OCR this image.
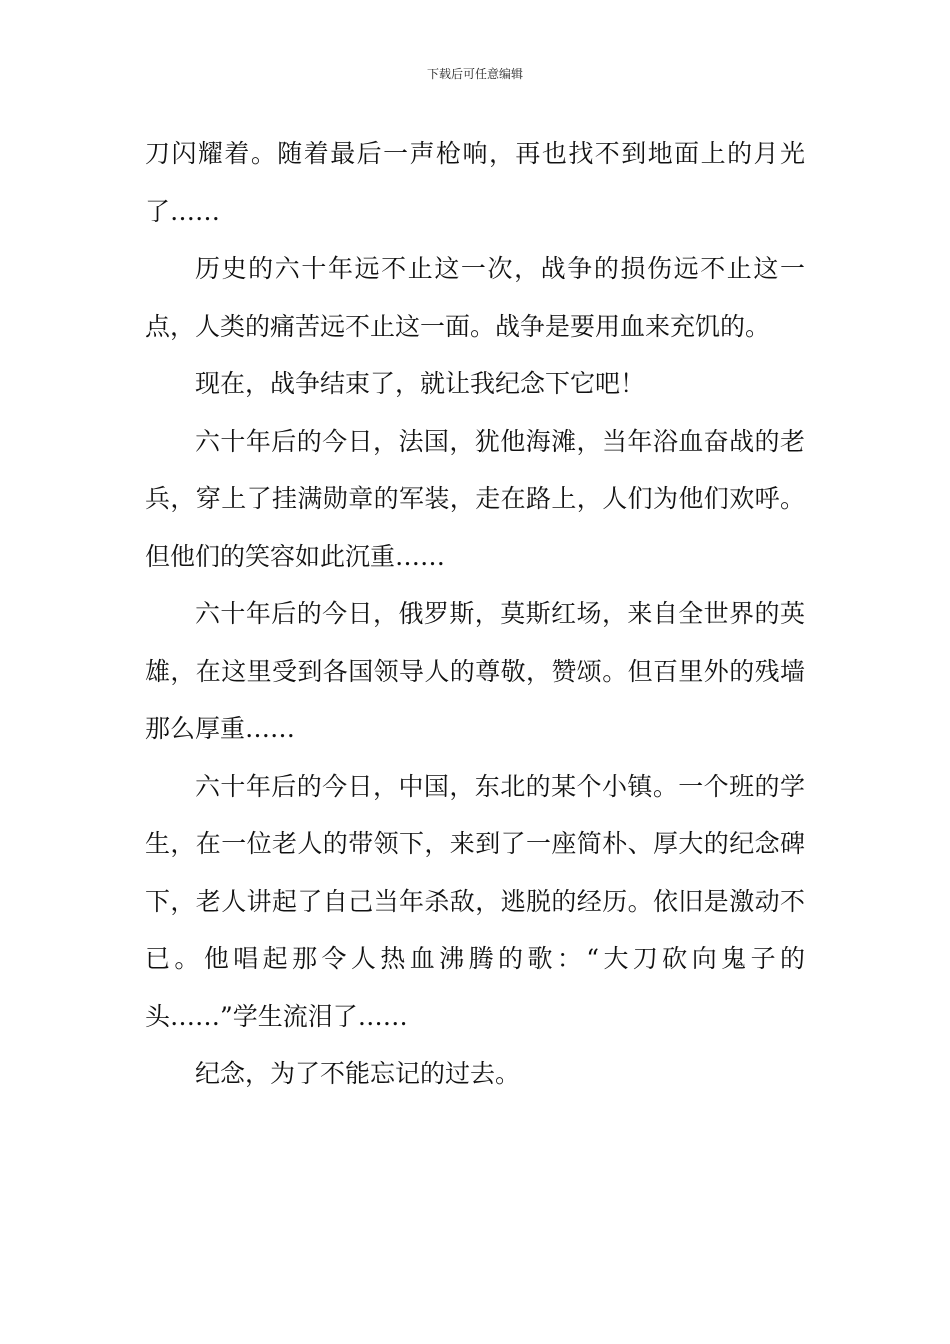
下载后可任意编辑

刀闪耀着。随着最后一声枪响，再也找不到地面上的月光了……

历史的六十年远不止这一次，战争的损伤远不止这一点，人类的痛苦远不止这一面。战争是要用血来充饥的。

现在，战争结束了，就让我纪念下它吧！

六十年后的今日，法国，犹他海滩，当年浴血奋战的老兵，穿上了挂满勋章的军装，走在路上，人们为他们欢呼。但他们的笑容如此沉重……

六十年后的今日，俄罗斯，莫斯红场，来自全世界的英雄，在这里受到各国领导人的尊敬，赞颂。但百里外的残墙那么厚重……

六十年后的今日，中国，东北的某个小镇。一个班的学生，在一位老人的带领下，来到了一座简朴、厚大的纪念碑下，老人讲起了自己当年杀敌，逃脱的经历。依旧是激动不已。他唱起那令人热血沸腾的歌：“大刀砍向鬼子的头……”学生流泪了……

纪念，为了不能忘记的过去。
